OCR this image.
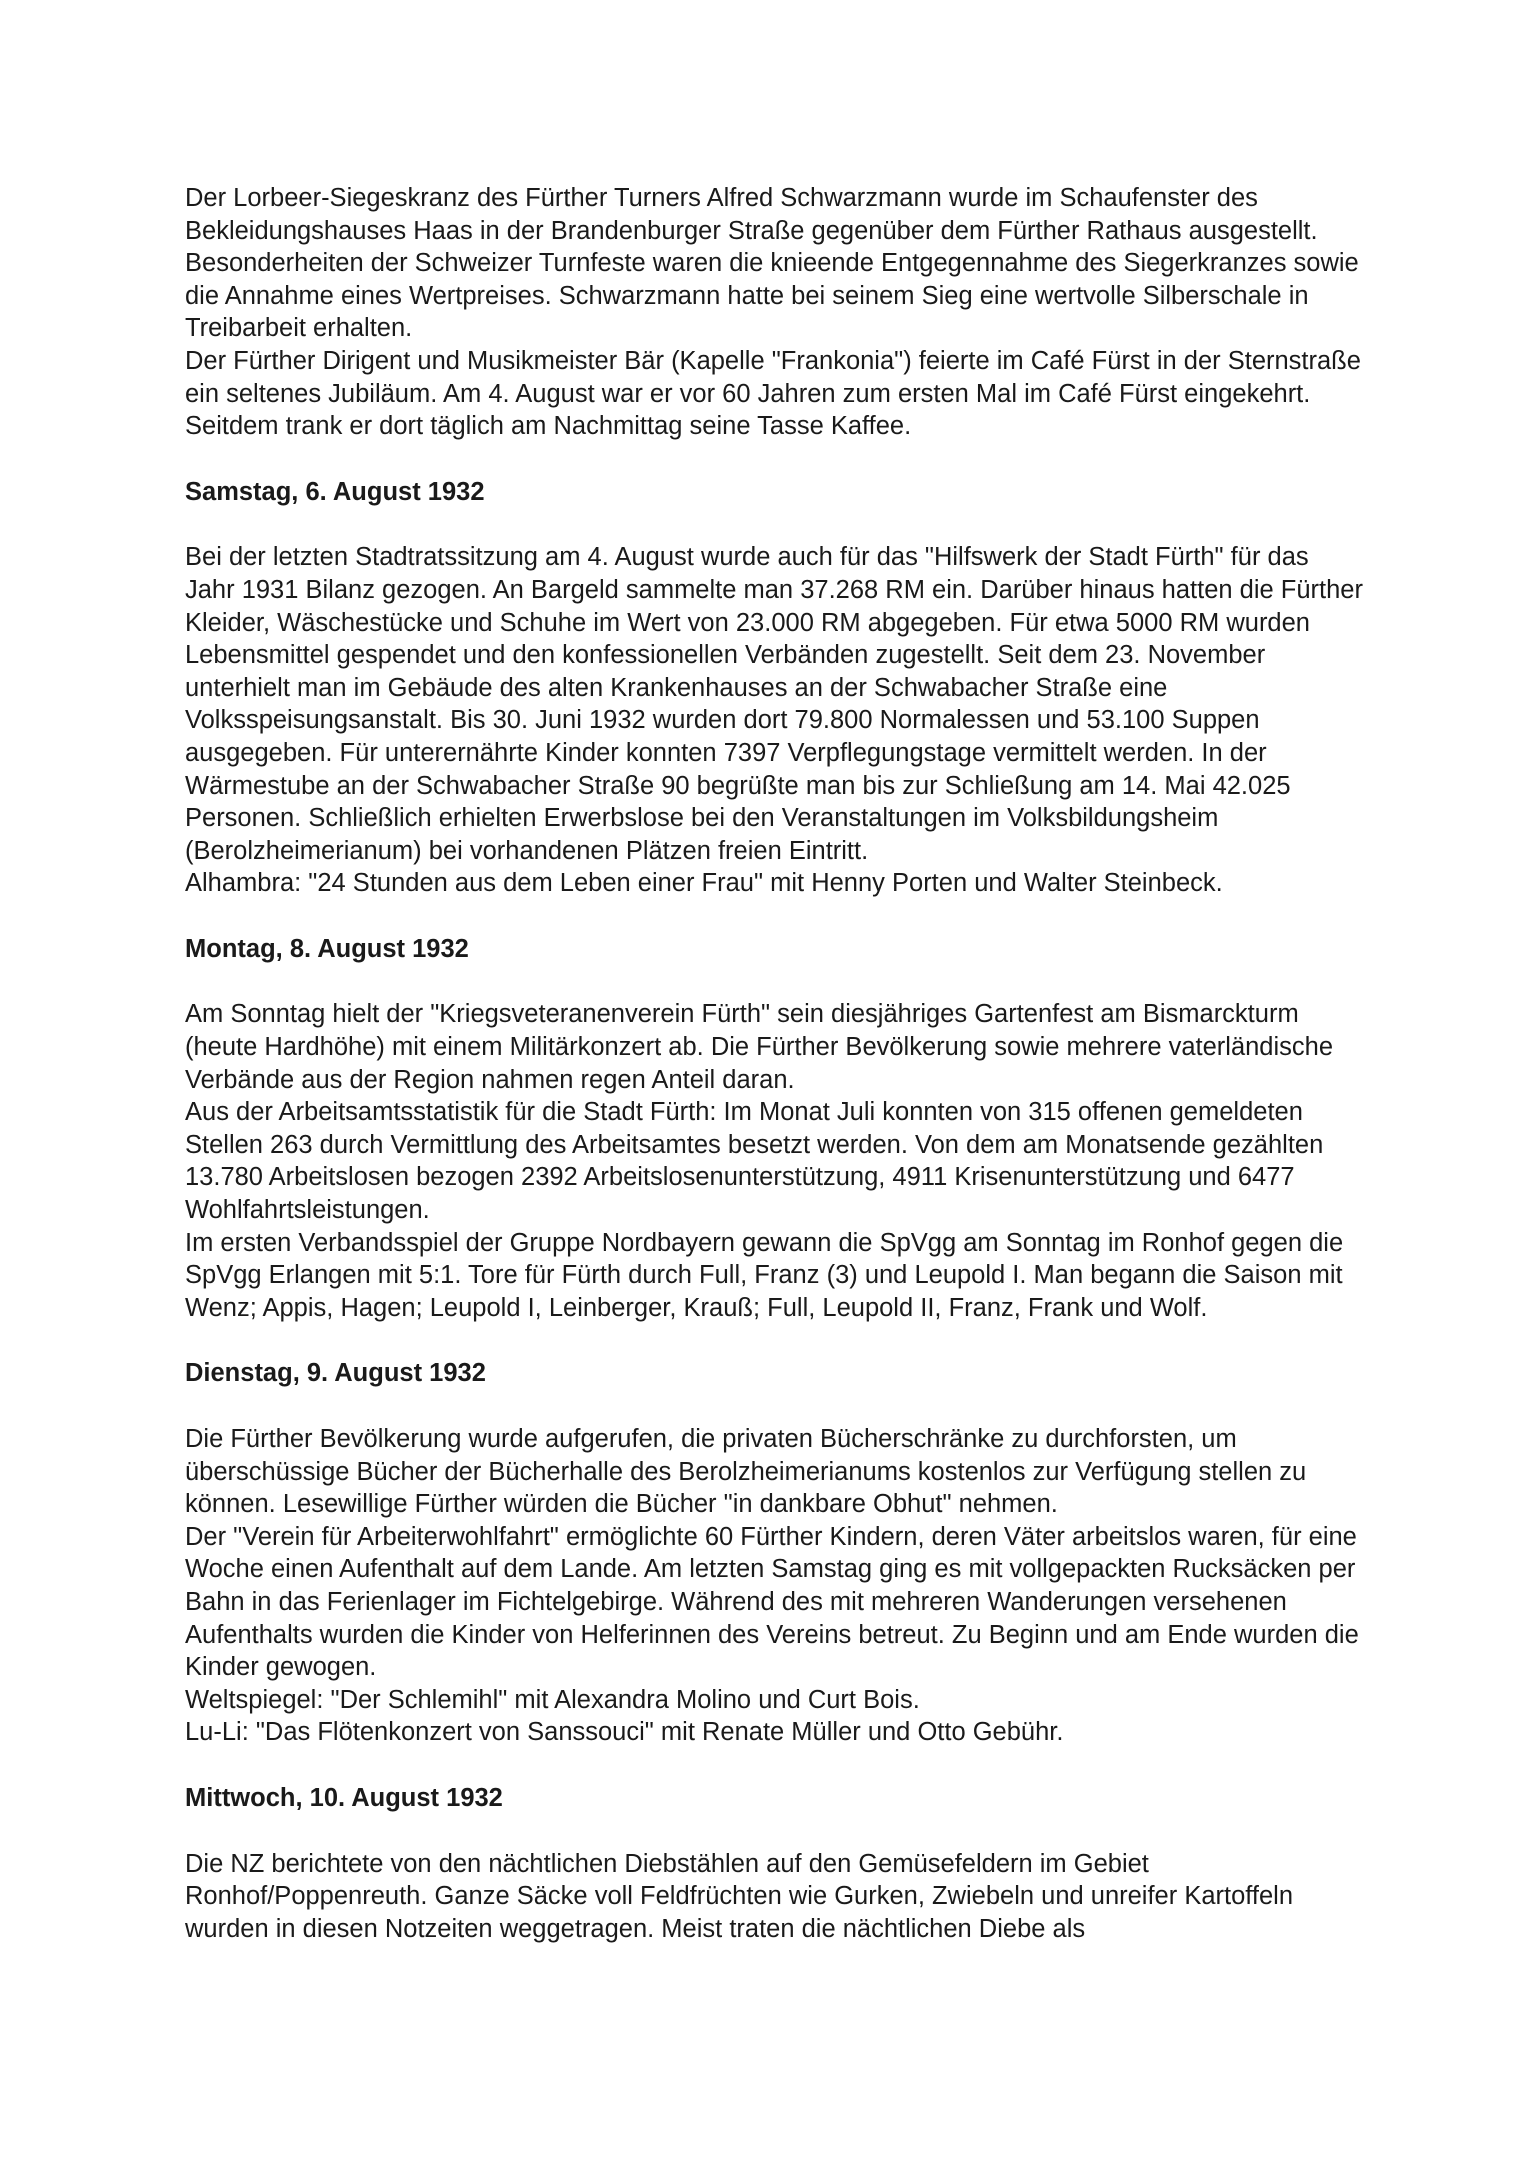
Der Lorbeer-Siegeskranz des Fürther Turners Alfred Schwarzmann wurde im Schaufenster des Bekleidungshauses Haas in der Brandenburger Straße gegenüber dem Fürther Rathaus ausgestellt. Besonderheiten der Schweizer Turnfeste waren die knieende Entgegennahme des Siegerkranzes sowie die Annahme eines Wertpreises. Schwarzmann hatte bei seinem Sieg eine wertvolle Silberschale in Treibarbeit erhalten.

Der Fürther Dirigent und Musikmeister Bär (Kapelle "Frankonia") feierte im Café Fürst in der Sternstraße ein seltenes Jubiläum. Am 4. August war er vor 60 Jahren zum ersten Mal im Café Fürst eingekehrt. Seitdem trank er dort täglich am Nachmittag seine Tasse Kaffee.

Samstag, 6. August 1932

Bei der letzten Stadtratssitzung am 4. August wurde auch für das "Hilfswerk der Stadt Fürth" für das Jahr 1931 Bilanz gezogen. An Bargeld sammelte man 37.268 RM ein. Darüber hinaus hatten die Fürther Kleider, Wäschestücke und Schuhe im Wert von 23.000 RM abgegeben. Für etwa 5000 RM wurden Lebensmittel gespendet und den konfessionellen Verbänden zugestellt. Seit dem 23. November unterhielt man im Gebäude des alten Krankenhauses an der Schwabacher Straße eine Volksspeisungsanstalt. Bis 30. Juni 1932 wurden dort 79.800 Normalessen und 53.100 Suppen ausgegeben. Für unterernährte Kinder konnten 7397 Verpflegungstage vermittelt werden. In der Wärmestube an der Schwabacher Straße 90 begrüßte man bis zur Schließung am 14. Mai 42.025 Personen. Schließlich erhielten Erwerbslose bei den Veranstaltungen im Volksbildungsheim (Berolzheimerianum) bei vorhandenen Plätzen freien Eintritt.

Alhambra: "24 Stunden aus dem Leben einer Frau" mit Henny Porten und Walter Steinbeck.

Montag, 8. August 1932

Am Sonntag hielt der "Kriegsveteranenverein Fürth" sein diesjähriges Gartenfest am Bismarckturm (heute Hardhöhe) mit einem Militärkonzert ab. Die Fürther Bevölkerung sowie mehrere vaterländische Verbände aus der Region nahmen regen Anteil daran.

Aus der Arbeitsamtsstatistik für die Stadt Fürth: Im Monat Juli konnten von 315 offenen gemeldeten Stellen 263 durch Vermittlung des Arbeitsamtes besetzt werden. Von dem am Monatsende gezählten 13.780 Arbeitslosen bezogen 2392 Arbeitslosenunterstützung, 4911 Krisenunterstützung und 6477 Wohlfahrtsleistungen.

Im ersten Verbandsspiel der Gruppe Nordbayern gewann die SpVgg am Sonntag im Ronhof gegen die SpVgg Erlangen mit 5:1. Tore für Fürth durch Full, Franz (3) und Leupold I. Man begann die Saison mit Wenz; Appis, Hagen; Leupold I, Leinberger, Krauß; Full, Leupold II, Franz, Frank und Wolf.

Dienstag, 9. August 1932

Die Fürther Bevölkerung wurde aufgerufen, die privaten Bücherschränke zu durchforsten, um überschüssige Bücher der Bücherhalle des Berolzheimerianums kostenlos zur Verfügung stellen zu können. Lesewillige Fürther würden die Bücher "in dankbare Obhut" nehmen.

Der "Verein für Arbeiterwohlfahrt" ermöglichte 60 Fürther Kindern, deren Väter arbeitslos waren, für eine Woche einen Aufenthalt auf dem Lande. Am letzten Samstag ging es mit vollgepackten Rucksäcken per Bahn in das Ferienlager im Fichtelgebirge. Während des mit mehreren Wanderungen versehenen Aufenthalts wurden die Kinder von Helferinnen des Vereins betreut. Zu Beginn und am Ende wurden die Kinder gewogen.

Weltspiegel: "Der Schlemihl" mit Alexandra Molino und Curt Bois.

Lu-Li: "Das Flötenkonzert von Sanssouci" mit Renate Müller und Otto Gebühr.

Mittwoch, 10. August 1932

Die NZ berichtete von den nächtlichen Diebstählen auf den Gemüsefeldern im Gebiet Ronhof/Poppenreuth. Ganze Säcke voll Feldfrüchten wie Gurken, Zwiebeln und unreifer Kartoffeln wurden in diesen Notzeiten weggetragen. Meist traten die nächtlichen Diebe als
